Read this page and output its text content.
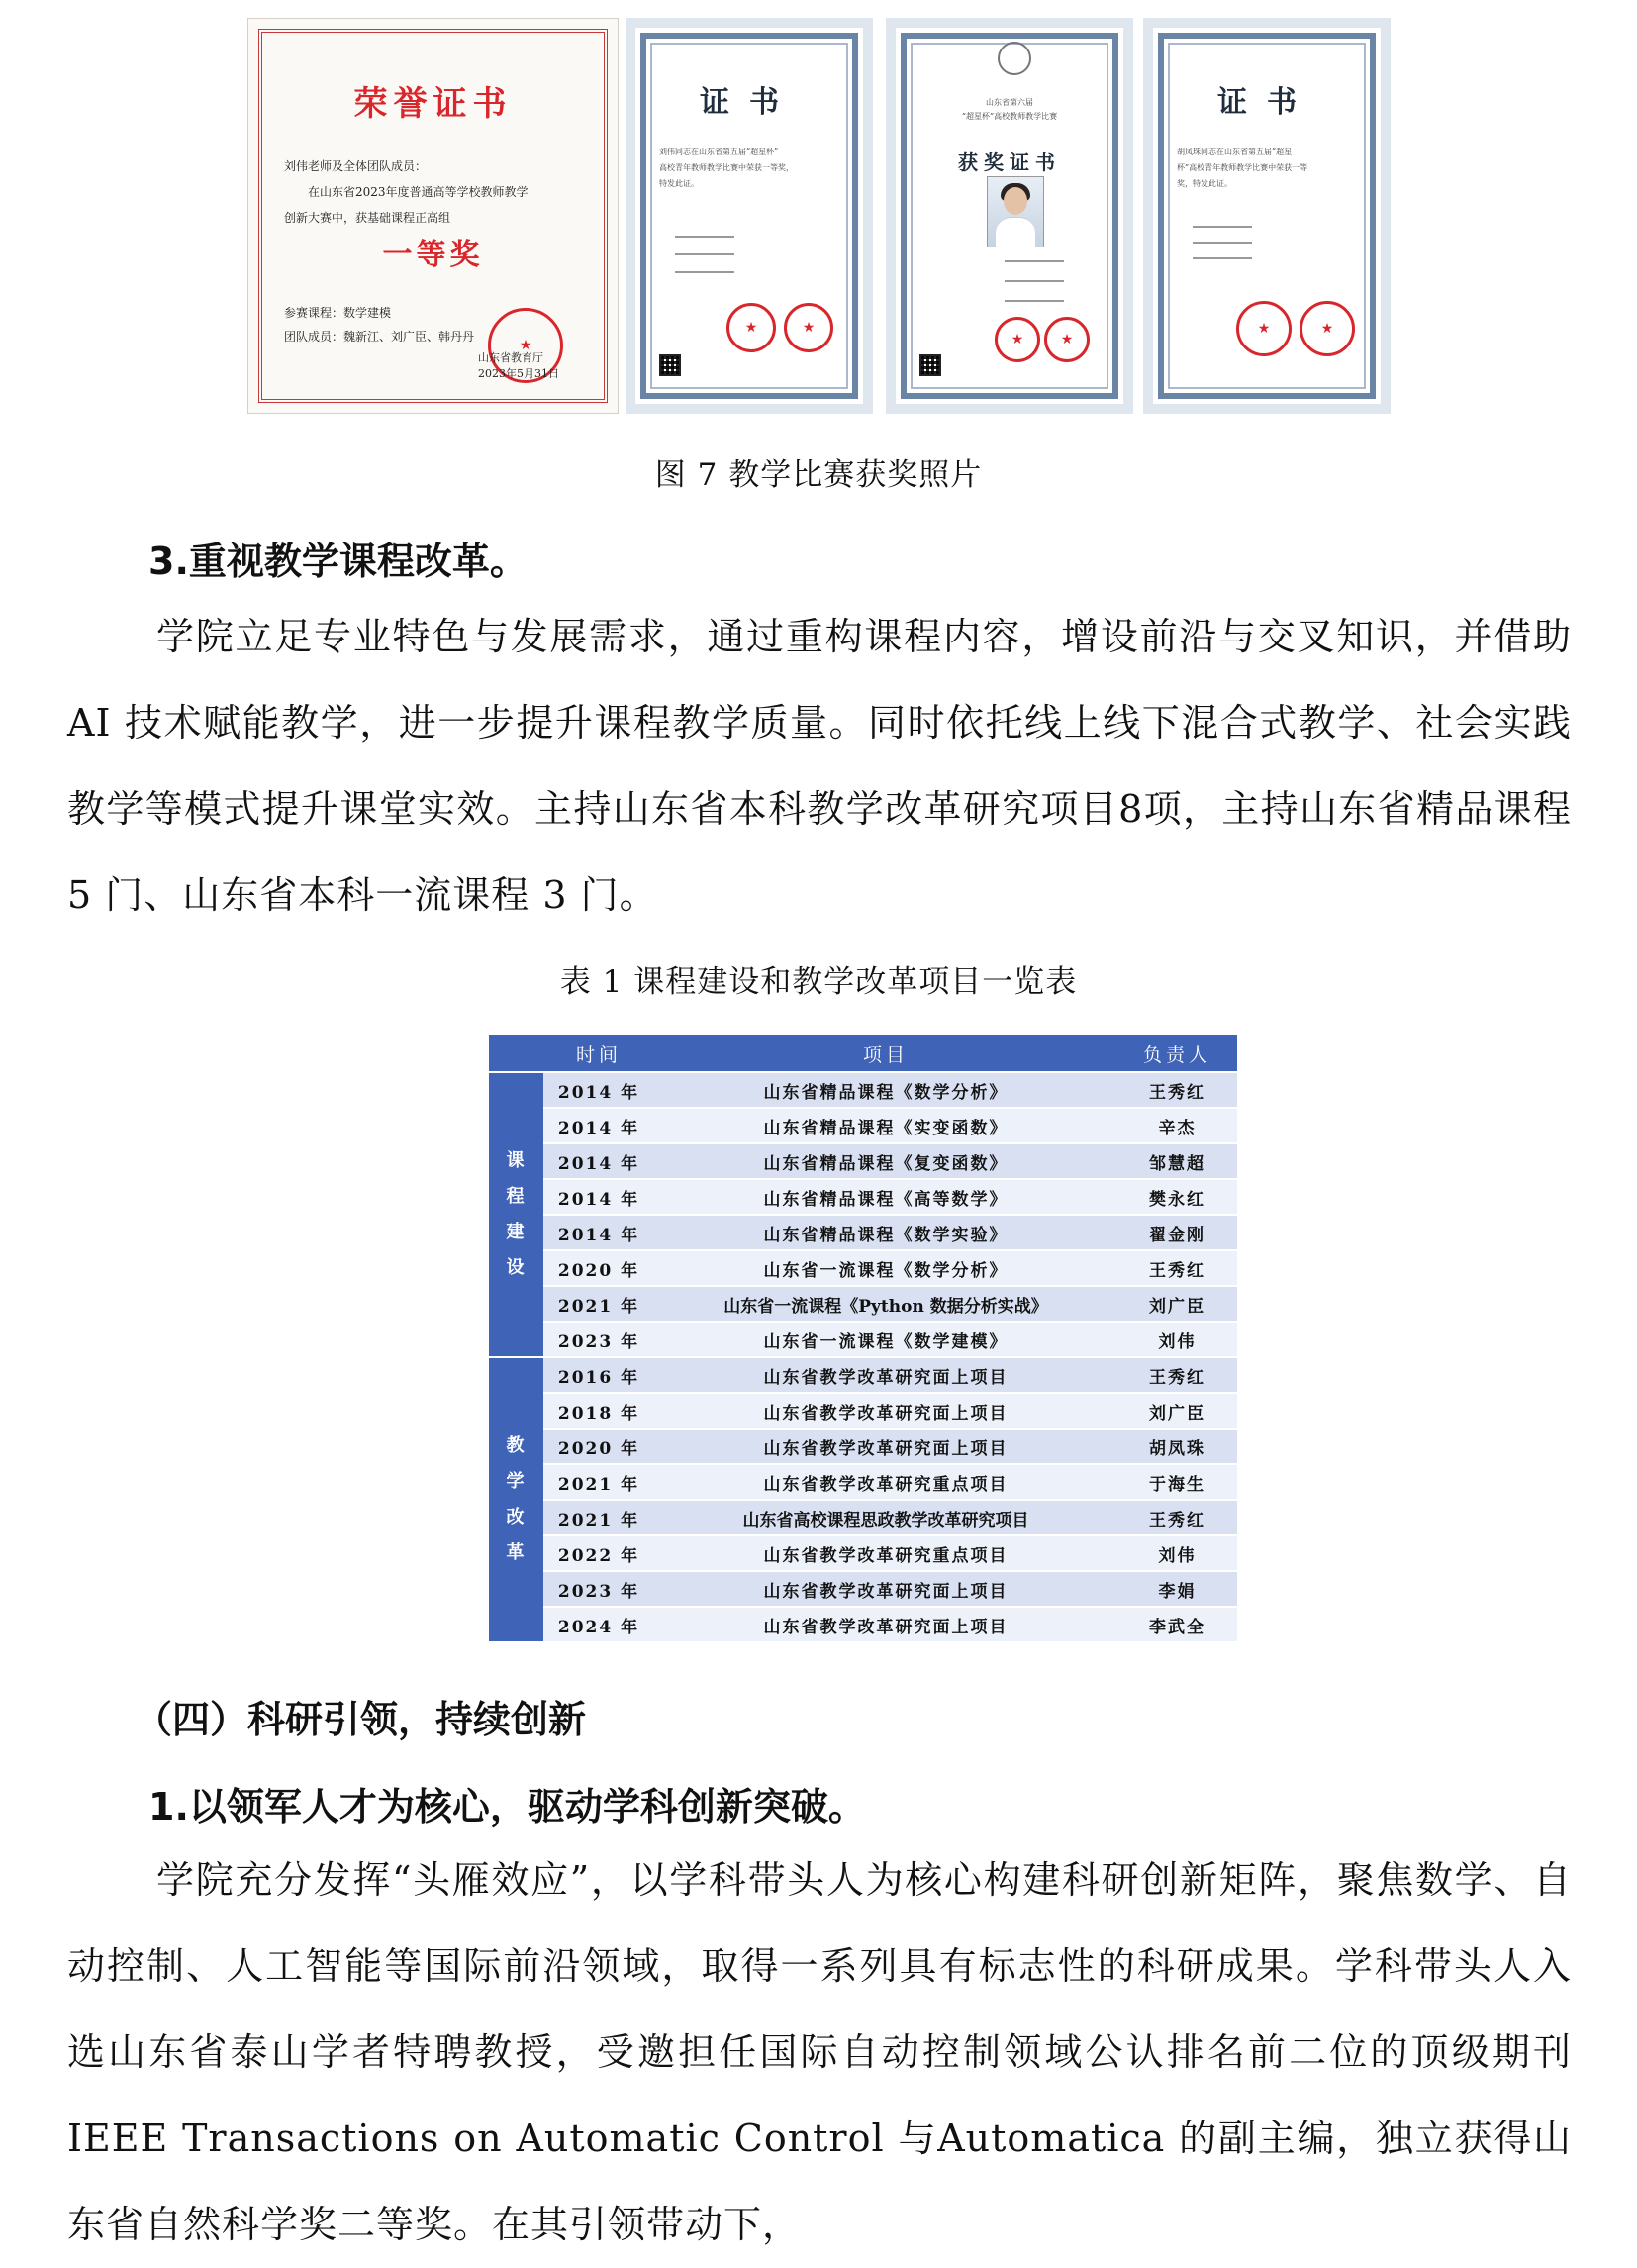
荣誉证书
刘伟老师及全体团队成员：
在山东省2023年度普通高等学校教师教学
创新大赛中，获基础课程正高组
一等奖
参赛课程：数学建模
团队成员：魏新江、刘广臣、韩丹丹
★
山东省教育厅
2023年5月31日
证书
刘伟同志在山东省第五届“超星杯”
高校青年教师教学比赛中荣获一等奖，
特发此证。
★
★
山东省第六届
“超星杯”高校教师教学比赛
获奖证书
★
★
证书
胡凤珠同志在山东省第五届“超星
杯”高校青年教师教学比赛中荣获一等
奖，特发此证。
★
★
图 7 教学比赛获奖照片
3.重视教学课程改革。
学院立足专业特色与发展需求，通过重构课程内容，增设前沿与交叉知识，并借助AI 技术赋能教学，进一步提升课程教学质量。同时依托线上线下混合式教学、社会实践教学等模式提升课堂实效。主持山东省本科教学改革研究项目8项，主持山东省精品课程 5 门、山东省本科一流课程 3 门。
表 1 课程建设和教学改革项目一览表
	时间	项目	负责人

课
程
建
设	2014 年	山东省精品课程《数学分析》	王秀红
	2014 年	山东省精品课程《实变函数》	辛杰
	2014 年	山东省精品课程《复变函数》	邹慧超
	2014 年	山东省精品课程《高等数学》	樊永红
	2014 年	山东省精品课程《数学实验》	翟金刚
	2020 年	山东省一流课程《数学分析》	王秀红
	2021 年	山东省一流课程《Python 数据分析实战》	刘广臣
	2023 年	山东省一流课程《数学建模》	刘伟

教
学
改
革	2016 年	山东省教学改革研究面上项目	王秀红
	2018 年	山东省教学改革研究面上项目	刘广臣
	2020 年	山东省教学改革研究面上项目	胡凤珠
	2021 年	山东省教学改革研究重点项目	于海生
	2021 年	山东省高校课程思政教学改革研究项目	王秀红
	2022 年	山东省教学改革研究重点项目	刘伟
	2023 年	山东省教学改革研究面上项目	李娟
	2024 年	山东省教学改革研究面上项目	李武全
（四）科研引领，持续创新
1.以领军人才为核心，驱动学科创新突破。
学院充分发挥“头雁效应”，以学科带头人为核心构建科研创新矩阵，聚焦数学、自动控制、人工智能等国际前沿领域，取得一系列具有标志性的科研成果。学科带头人入选山东省泰山学者特聘教授，受邀担任国际自动控制领域公认排名前二位的顶级期刊 IEEE Transactions on Automatic Control 与Automatica 的副主编，独立获得山东省自然科学奖二等奖。在其引领带动下，
